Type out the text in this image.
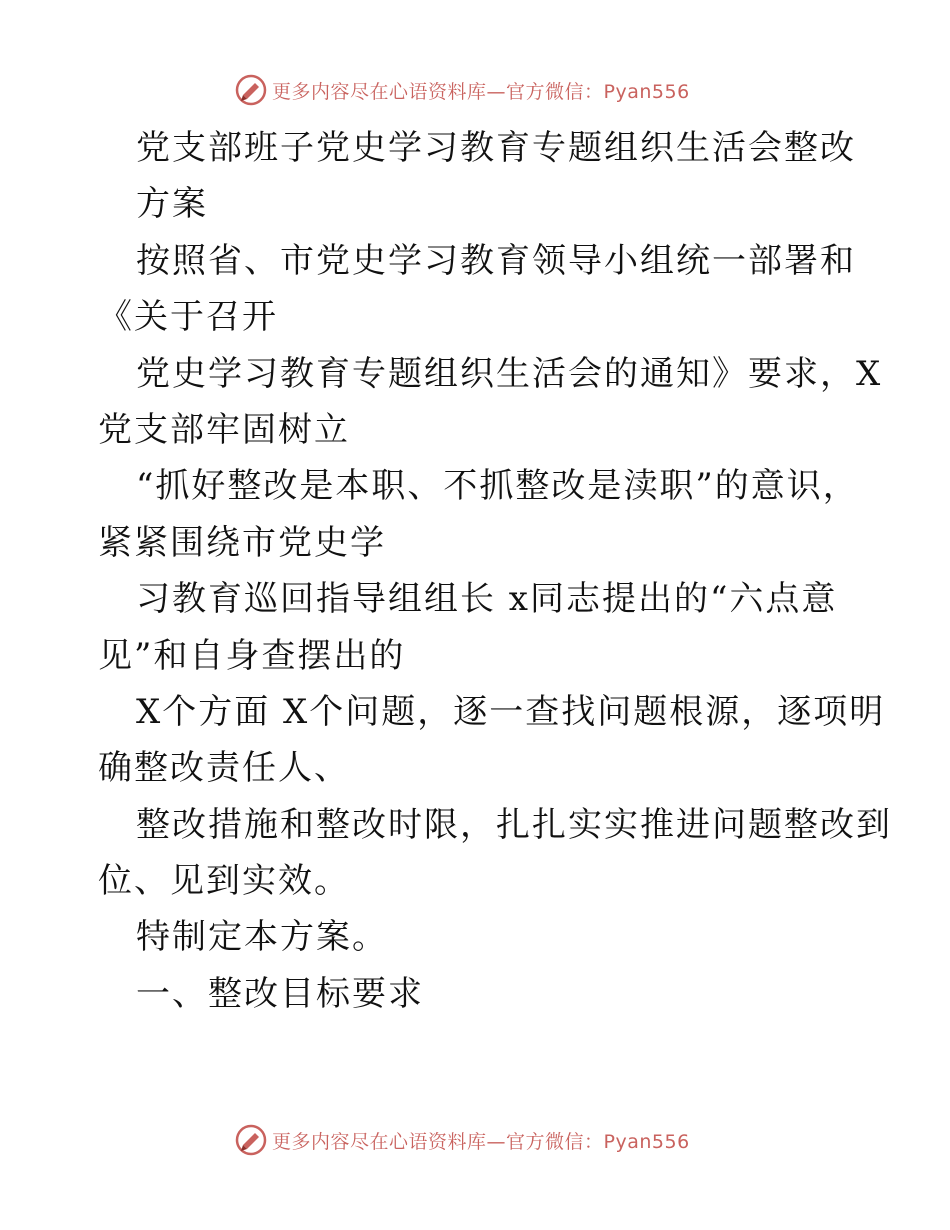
更多内容尽在心语资料库—官方微信：Pyan556
党支部班子党史学习教育专题组织生活会整改
方案
按照省、市党史学习教育领导小组统一部署和
《关于召开
党史学习教育专题组织生活会的通知》要求，X
党支部牢固树立
“抓好整改是本职、不抓整改是渎职”的意识，
紧紧围绕市党史学
习教育巡回指导组组长 x同志提出的“六点意
见”和自身查摆出的
X个方面 X个问题，逐一查找问题根源，逐项明
确整改责任人、
整改措施和整改时限，扎扎实实推进问题整改到
位、见到实效。
特制定本方案。
一、整改目标要求
更多内容尽在心语资料库—官方微信：Pyan556
